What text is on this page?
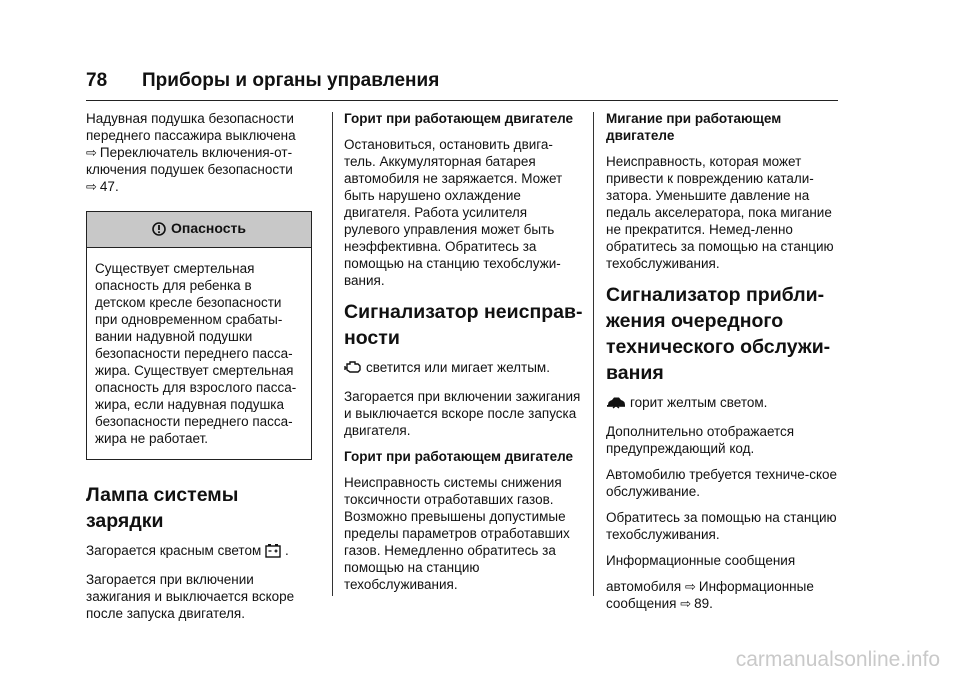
78 Приборы и органы управления

Надувная подушка безопасности переднего пассажира выключена
⇨ Переключатель включения-от-ключения подушек безопасности
⇨ 47.

Опасность
Существует смертельная опасность для ребенка в детском кресле безопасности при одновременном срабаты-вании надувной подушки безопасности переднего пасса-жира. Существует смертельная опасность для взрослого пасса-жира, если надувная подушка безопасности переднего пасса-жира не работает.
Лампа системы зарядки

Загорается красным светом .

Загорается при включении зажигания и выключается вскоре после запуска двигателя.

Горит при работающем двигателе

Остановиться, остановить двига-тель. Аккумуляторная батарея автомобиля не заряжается. Может быть нарушено охлаждение двигателя. Работа усилителя рулевого управления может быть неэффективна. Обратитесь за помощью на станцию техобслужи-вания.

Сигнализатор неисправ-ности

светится или мигает желтым.

Загорается при включении зажигания и выключается вскоре после запуска двигателя.

Горит при работающем двигателе

Неисправность системы снижения токсичности отработавших газов. Возможно превышены допустимые пределы параметров отработавших газов. Немедленно обратитесь за помощью на станцию техобслуживания.

Мигание при работающем двигателе

Неисправность, которая может привести к повреждению катали-затора. Уменьшите давление на педаль акселератора, пока мигание не прекратится. Немед-ленно обратитесь за помощью на станцию техобслуживания.

Сигнализатор прибли-жения очередного технического обслужи-вания

горит желтым светом.

Дополнительно отображается предупреждающий код.

Автомобилю требуется техниче-ское обслуживание.

Обратитесь за помощью на станцию техобслуживания.

Информационные сообщения

автомобиля ⇨ Информационные
сообщения ⇨ 89.

carmanualsonline.info
